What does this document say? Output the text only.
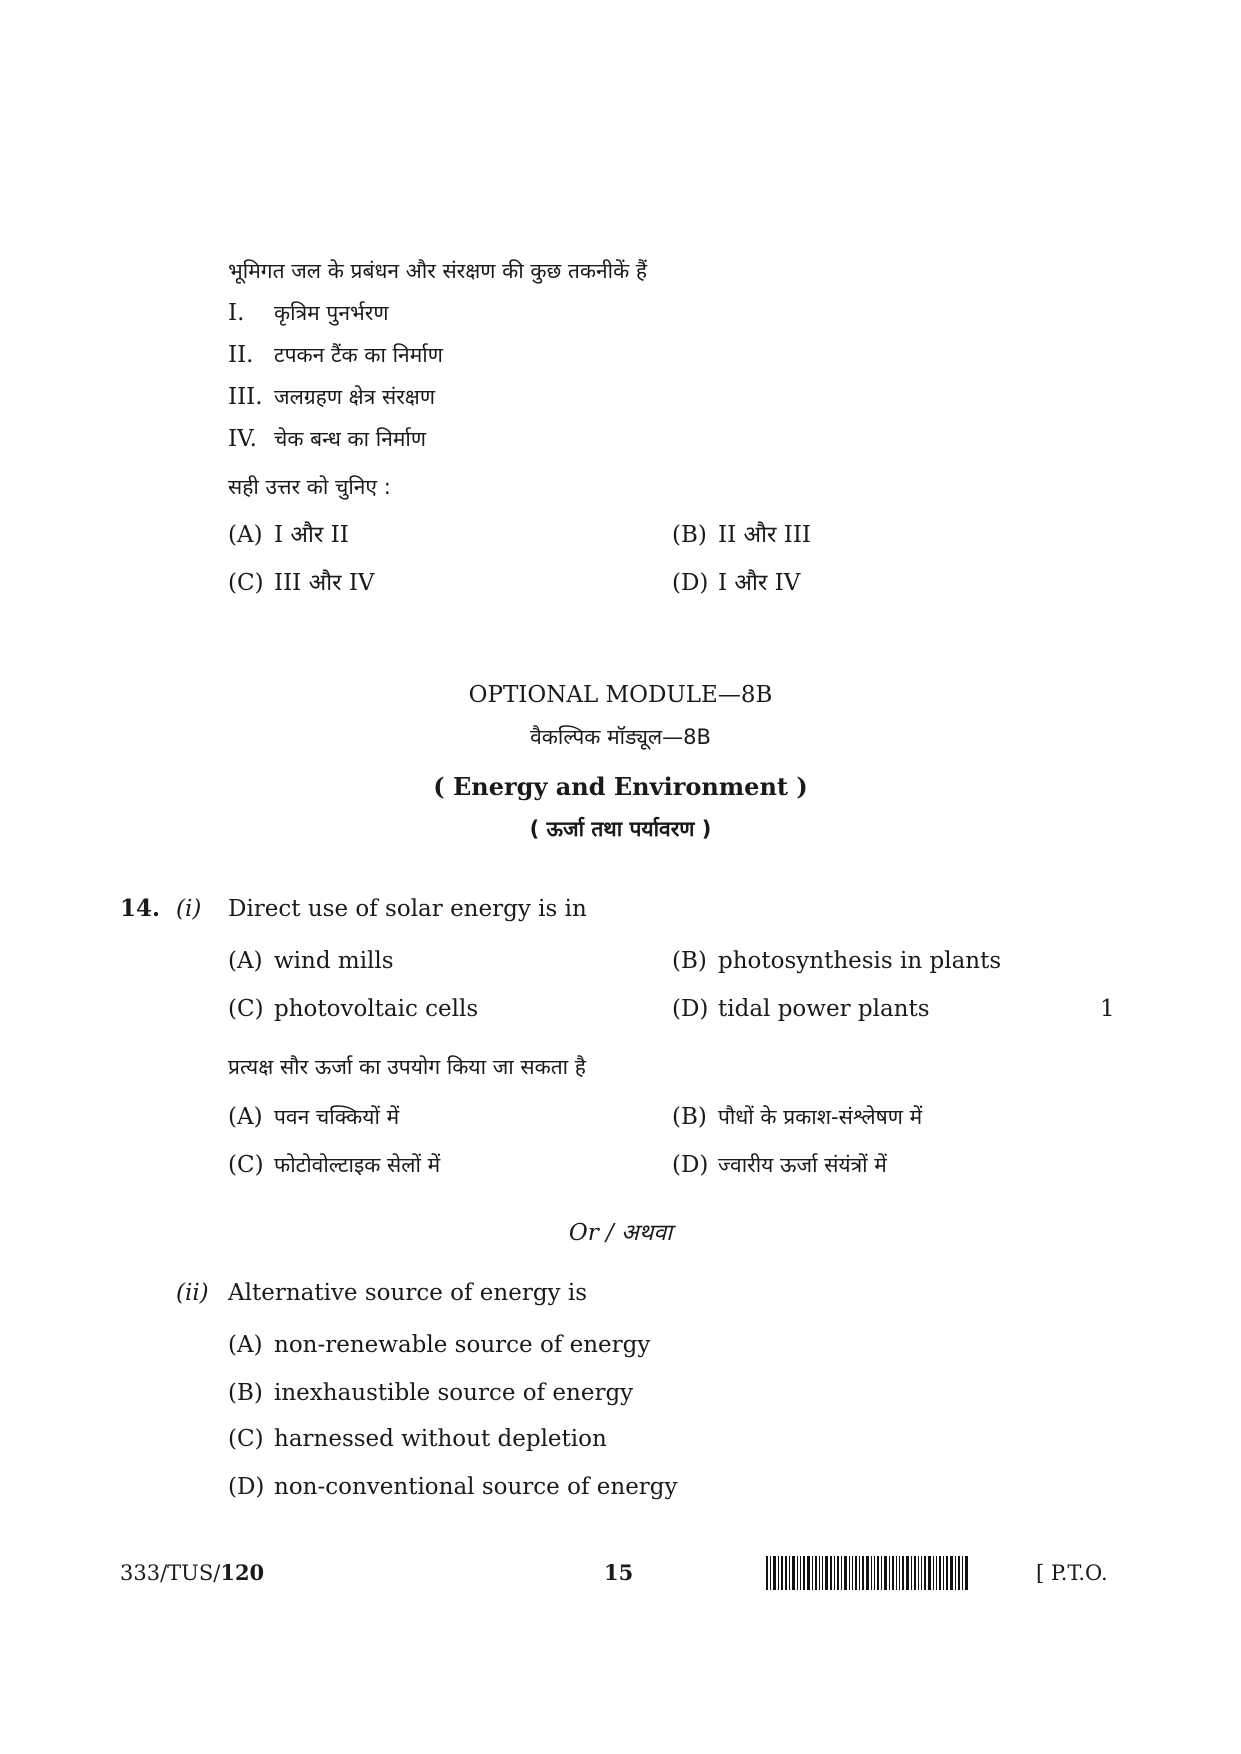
भूमिगत जल के प्रबंधन और संरक्षण की कुछ तकनीकें हैं
I. कृत्रिम पुनर्भरण
II. टपकन टैंक का निर्माण
III. जलग्रहण क्षेत्र संरक्षण
IV. चेक बन्ध का निर्माण
सही उत्तर को चुनिए :
(A) I और II	(B) II और III
(C) III और IV	(D) I और IV
OPTIONAL MODULE—8B
वैकल्पिक मॉड्यूल—8B
( Energy and Environment )
( ऊर्जा तथा पर्यावरण )
14. (i) Direct use of solar energy is in
(A) wind mills	(B) photosynthesis in plants
(C) photovoltaic cells	(D) tidal power plants	1
प्रत्यक्ष सौर ऊर्जा का उपयोग किया जा सकता है
(A) पवन चक्कियों में	(B) पौधों के प्रकाश-संश्लेषण में
(C) फोटोवोल्टाइक सेलों में	(D) ज्वारीय ऊर्जा संयंत्रों में
Or / अथवा
(ii) Alternative source of energy is
(A) non-renewable source of energy
(B) inexhaustible source of energy
(C) harnessed without depletion
(D) non-conventional source of energy
333/TUS/120	15	[ P.T.O.
